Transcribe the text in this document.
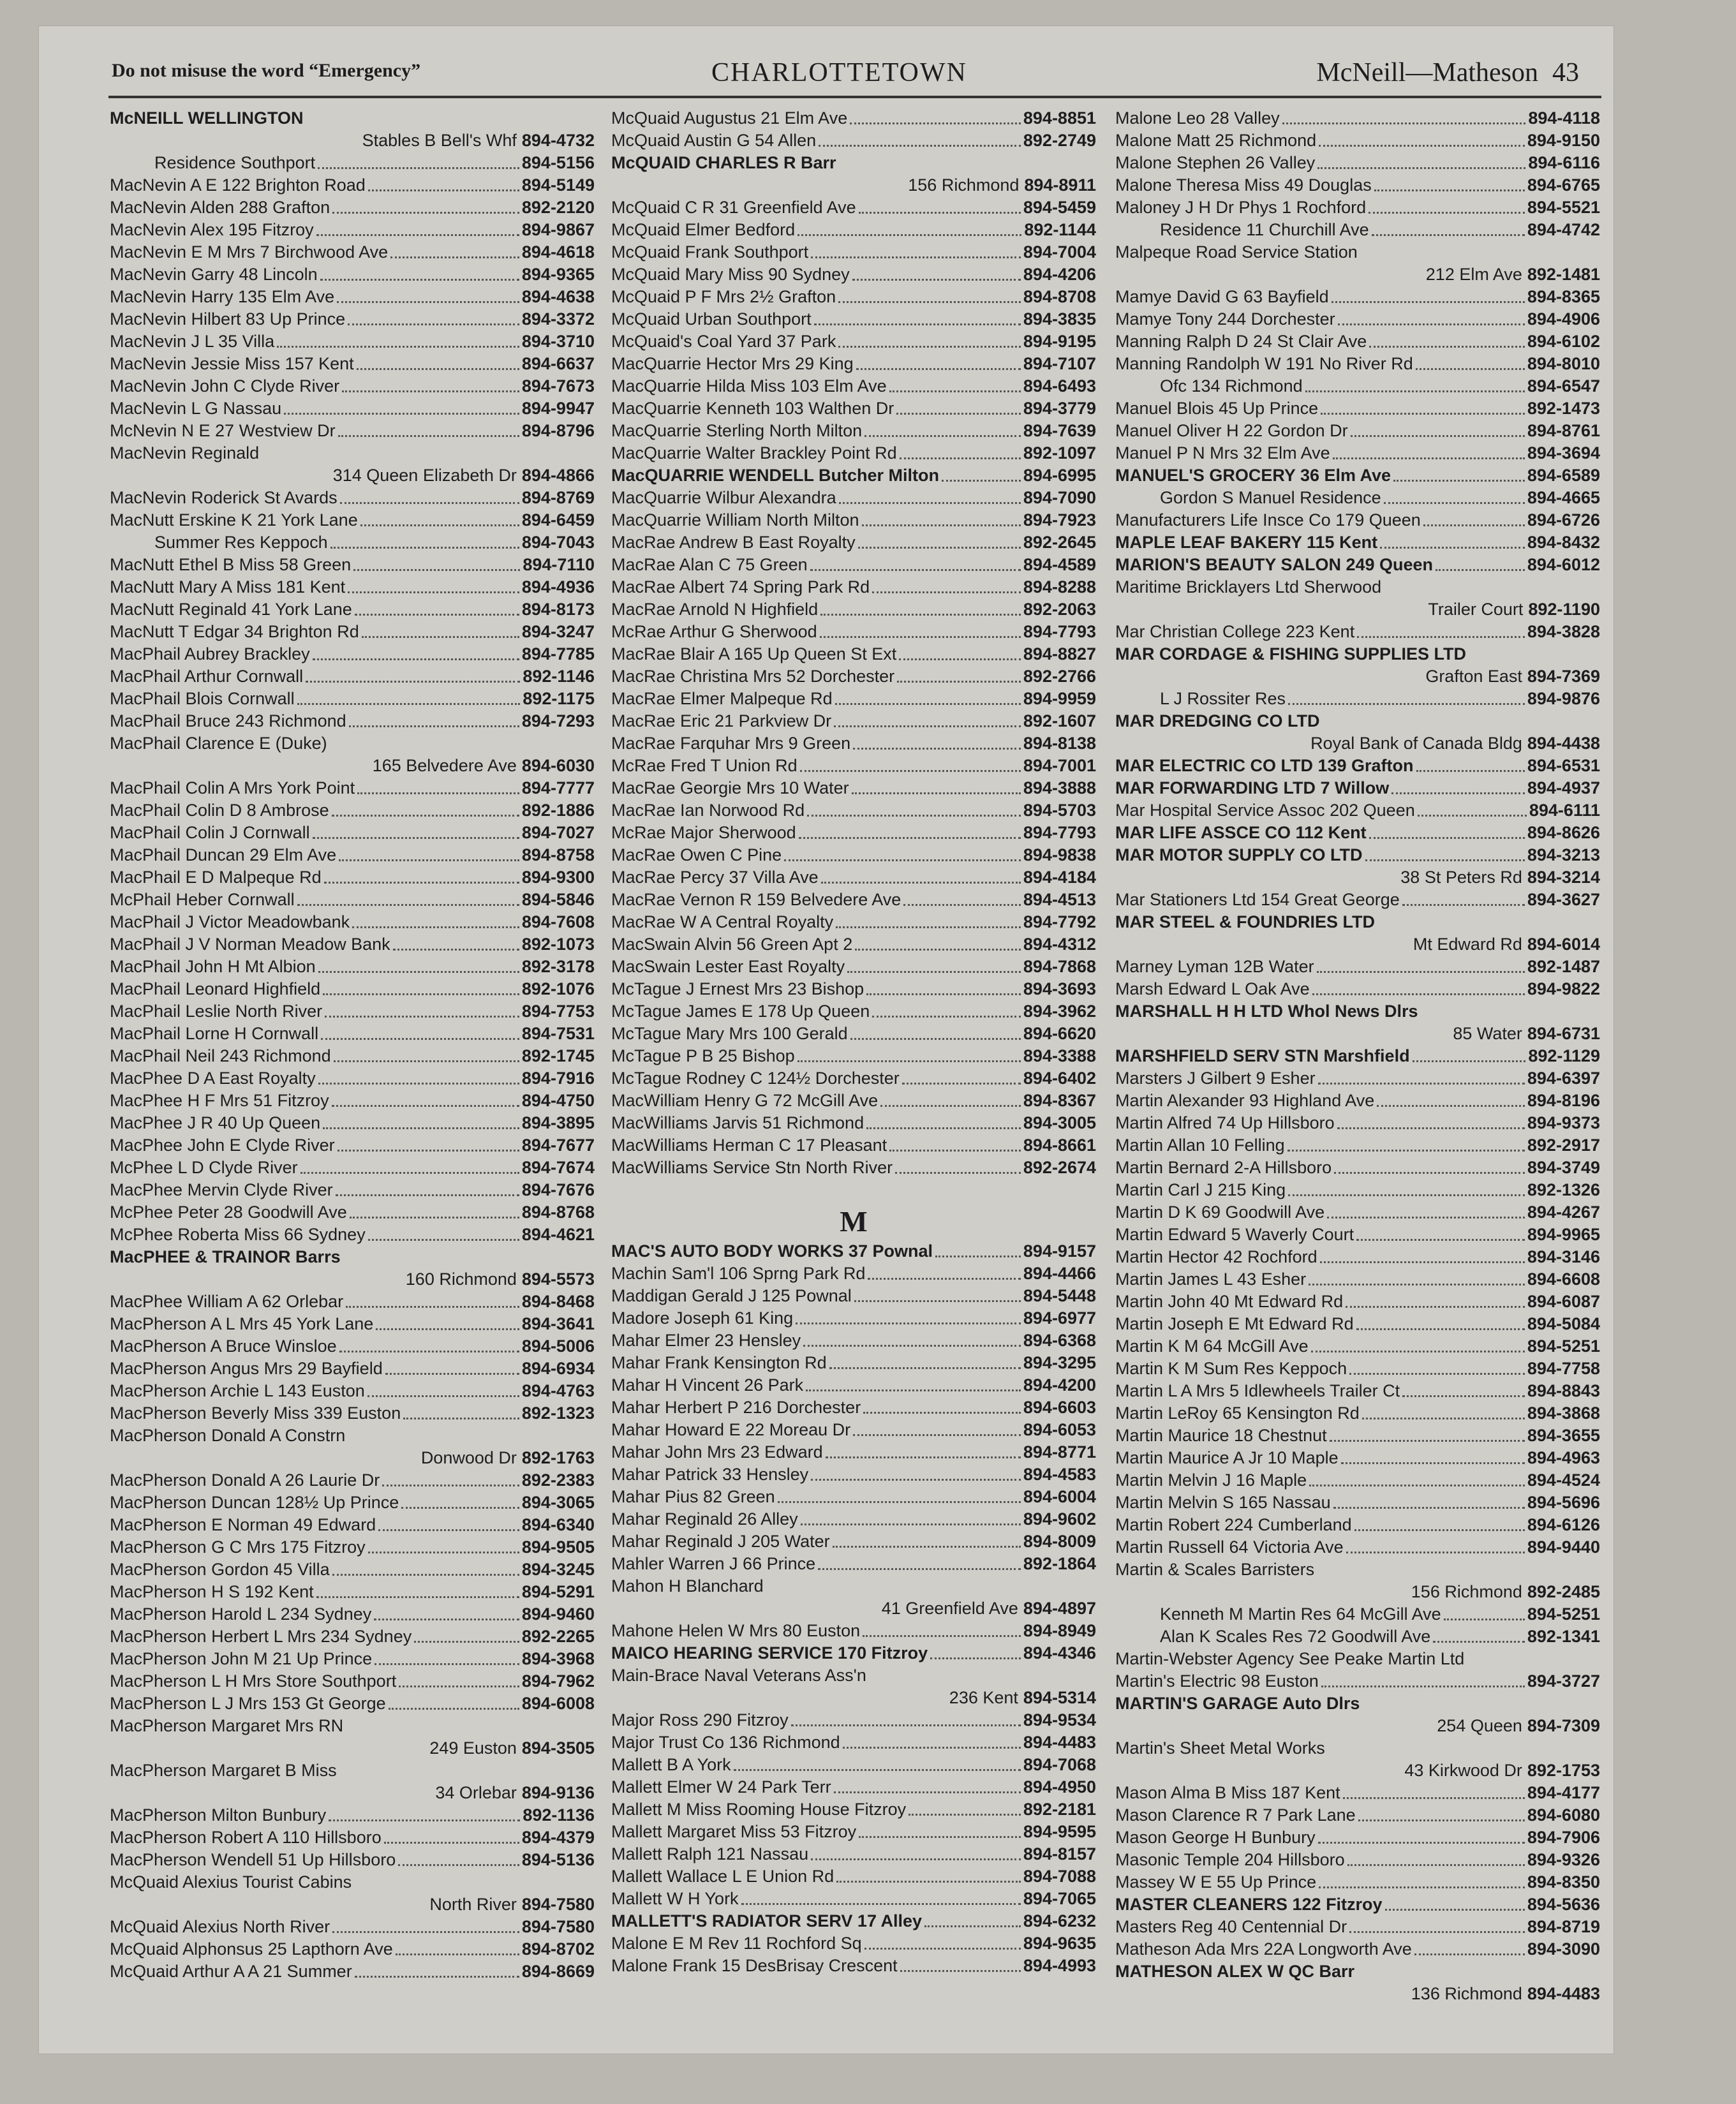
Do not misuse the word “Emergency”	CHARLOTTETOWN	McNeill—Matheson 43
McNEILL WELLINGTON
Stables B Bell's Whf 894-4732
Residence Southport	894-5156
MacNevin A E 122 Brighton Road	894-5149
MacNevin Alden 288 Grafton	892-2120
MacNevin Alex 195 Fitzroy	894-9867
MacNevin E M Mrs 7 Birchwood Ave	894-4618
MacNevin Garry 48 Lincoln	894-9365
MacNevin Harry 135 Elm Ave	894-4638
MacNevin Hilbert 83 Up Prince	894-3372
MacNevin J L 35 Villa	894-3710
MacNevin Jessie Miss 157 Kent	894-6637
MacNevin John C Clyde River	894-7673
MacNevin L G Nassau	894-9947
McNevin N E 27 Westview Dr	894-8796
MacNevin Reginald
314 Queen Elizabeth Dr 894-4866
MacNevin Roderick St Avards	894-8769
MacNutt Erskine K 21 York Lane	894-6459
Summer Res Keppoch	894-7043
MacNutt Ethel B Miss 58 Green	894-7110
MacNutt Mary A Miss 181 Kent	894-4936
MacNutt Reginald 41 York Lane	894-8173
MacNutt T Edgar 34 Brighton Rd	894-3247
MacPhail Aubrey Brackley	894-7785
MacPhail Arthur Cornwall	892-1146
MacPhail Blois Cornwall	892-1175
MacPhail Bruce 243 Richmond	894-7293
MacPhail Clarence E (Duke)
165 Belvedere Ave 894-6030
MacPhail Colin A Mrs York Point	894-7777
MacPhail Colin D 8 Ambrose	892-1886
MacPhail Colin J Cornwall	894-7027
MacPhail Duncan 29 Elm Ave	894-8758
MacPhail E D Malpeque Rd	894-9300
McPhail Heber Cornwall	894-5846
MacPhail J Victor Meadowbank	894-7608
MacPhail J V Norman Meadow Bank	892-1073
MacPhail John H Mt Albion	892-3178
MacPhail Leonard Highfield	892-1076
MacPhail Leslie North River	894-7753
MacPhail Lorne H Cornwall	894-7531
MacPhail Neil 243 Richmond	892-1745
MacPhee D A East Royalty	894-7916
MacPhee H F Mrs 51 Fitzroy	894-4750
MacPhee J R 40 Up Queen	894-3895
MacPhee John E Clyde River	894-7677
McPhee L D Clyde River	894-7674
MacPhee Mervin Clyde River	894-7676
McPhee Peter 28 Goodwill Ave	894-8768
McPhee Roberta Miss 66 Sydney	894-4621
MacPHEE & TRAINOR Barrs
160 Richmond 894-5573
MacPhee William A 62 Orlebar	894-8468
MacPherson A L Mrs 45 York Lane	894-3641
MacPherson A Bruce Winsloe	894-5006
MacPherson Angus Mrs 29 Bayfield	894-6934
MacPherson Archie L 143 Euston	894-4763
MacPherson Beverly Miss 339 Euston	892-1323
MacPherson Donald A Constrn
Donwood Dr 892-1763
MacPherson Donald A 26 Laurie Dr	892-2383
MacPherson Duncan 128½ Up Prince	894-3065
MacPherson E Norman 49 Edward	894-6340
MacPherson G C Mrs 175 Fitzroy	894-9505
MacPherson Gordon 45 Villa	894-3245
MacPherson H S 192 Kent	894-5291
MacPherson Harold L 234 Sydney	894-9460
MacPherson Herbert L Mrs 234 Sydney	892-2265
MacPherson John M 21 Up Prince	894-3968
MacPherson L H Mrs Store Southport	894-7962
MacPherson L J Mrs 153 Gt George	894-6008
MacPherson Margaret Mrs RN
249 Euston 894-3505
MacPherson Margaret B Miss
34 Orlebar 894-9136
MacPherson Milton Bunbury	892-1136
MacPherson Robert A 110 Hillsboro	894-4379
MacPherson Wendell 51 Up Hillsboro	894-5136
McQuaid Alexius Tourist Cabins
North River 894-7580
McQuaid Alexius North River	894-7580
McQuaid Alphonsus 25 Lapthorn Ave	894-8702
McQuaid Arthur A A 21 Summer	894-8669
McQuaid Augustus 21 Elm Ave	894-8851
McQuaid Austin G 54 Allen	892-2749
McQUAID CHARLES R Barr
156 Richmond 894-8911
McQuaid C R 31 Greenfield Ave	894-5459
McQuaid Elmer Bedford	892-1144
McQuaid Frank Southport	894-7004
McQuaid Mary Miss 90 Sydney	894-4206
McQuaid P F Mrs 2½ Grafton	894-8708
McQuaid Urban Southport	894-3835
McQuaid's Coal Yard 37 Park	894-9195
MacQuarrie Hector Mrs 29 King	894-7107
MacQuarrie Hilda Miss 103 Elm Ave	894-6493
MacQuarrie Kenneth 103 Walthen Dr	894-3779
MacQuarrie Sterling North Milton	894-7639
MacQuarrie Walter Brackley Point Rd	892-1097
MacQUARRIE WENDELL Butcher Milton	894-6995
MacQuarrie Wilbur Alexandra	894-7090
MacQuarrie William North Milton	894-7923
MacRae Andrew B East Royalty	892-2645
MacRae Alan C 75 Green	894-4589
MacRae Albert 74 Spring Park Rd	894-8288
MacRae Arnold N Highfield	892-2063
McRae Arthur G Sherwood	894-7793
MacRae Blair A 165 Up Queen St Ext	894-8827
MacRae Christina Mrs 52 Dorchester	892-2766
MacRae Elmer Malpeque Rd	894-9959
MacRae Eric 21 Parkview Dr	892-1607
MacRae Farquhar Mrs 9 Green	894-8138
McRae Fred T Union Rd	894-7001
MacRae Georgie Mrs 10 Water	894-3888
MacRae Ian Norwood Rd	894-5703
McRae Major Sherwood	894-7793
MacRae Owen C Pine	894-9838
MacRae Percy 37 Villa Ave	894-4184
MacRae Vernon R 159 Belvedere Ave	894-4513
MacRae W A Central Royalty	894-7792
MacSwain Alvin 56 Green Apt 2	894-4312
MacSwain Lester East Royalty	894-7868
McTague J Ernest Mrs 23 Bishop	894-3693
McTague James E 178 Up Queen	894-3962
McTague Mary Mrs 100 Gerald	894-6620
McTague P B 25 Bishop	894-3388
McTague Rodney C 124½ Dorchester	894-6402
MacWilliam Henry G 72 McGill Ave	894-8367
MacWilliams Jarvis 51 Richmond	894-3005
MacWilliams Herman C 17 Pleasant	894-8661
MacWilliams Service Stn North River	892-2674
M
MAC'S AUTO BODY WORKS 37 Pownal	894-9157
Machin Sam'l 106 Sprng Park Rd	894-4466
Maddigan Gerald J 125 Pownal	894-5448
Madore Joseph 61 King	894-6977
Mahar Elmer 23 Hensley	894-6368
Mahar Frank Kensington Rd	894-3295
Mahar H Vincent 26 Park	894-4200
Mahar Herbert P 216 Dorchester	894-6603
Mahar Howard E 22 Moreau Dr	894-6053
Mahar John Mrs 23 Edward	894-8771
Mahar Patrick 33 Hensley	894-4583
Mahar Pius 82 Green	894-6004
Mahar Reginald 26 Alley	894-9602
Mahar Reginald J 205 Water	894-8009
Mahler Warren J 66 Prince	892-1864
Mahon H Blanchard
41 Greenfield Ave 894-4897
Mahone Helen W Mrs 80 Euston	894-8949
MAICO HEARING SERVICE 170 Fitzroy	894-4346
Main-Brace Naval Veterans Ass'n
236 Kent 894-5314
Major Ross 290 Fitzroy	894-9534
Major Trust Co 136 Richmond	894-4483
Mallett B A York	894-7068
Mallett Elmer W 24 Park Terr	894-4950
Mallett M Miss Rooming House Fitzroy	892-2181
Mallett Margaret Miss 53 Fitzroy	894-9595
Mallett Ralph 121 Nassau	894-8157
Mallett Wallace L E Union Rd	894-7088
Mallett W H York	894-7065
MALLETT'S RADIATOR SERV 17 Alley	894-6232
Malone E M Rev 11 Rochford Sq	894-9635
Malone Frank 15 DesBrisay Crescent	894-4993
Malone Leo 28 Valley	894-4118
Malone Matt 25 Richmond	894-9150
Malone Stephen 26 Valley	894-6116
Malone Theresa Miss 49 Douglas	894-6765
Maloney J H Dr Phys 1 Rochford	894-5521
Residence 11 Churchill Ave	894-4742
Malpeque Road Service Station
212 Elm Ave 892-1481
Mamye David G 63 Bayfield	894-8365
Mamye Tony 244 Dorchester	894-4906
Manning Ralph D 24 St Clair Ave	894-6102
Manning Randolph W 191 No River Rd	894-8010
Ofc 134 Richmond	894-6547
Manuel Blois 45 Up Prince	892-1473
Manuel Oliver H 22 Gordon Dr	894-8761
Manuel P N Mrs 32 Elm Ave	894-3694
MANUEL'S GROCERY 36 Elm Ave	894-6589
Gordon S Manuel Residence	894-4665
Manufacturers Life Insce Co 179 Queen	894-6726
MAPLE LEAF BAKERY 115 Kent	894-8432
MARION'S BEAUTY SALON 249 Queen	894-6012
Maritime Bricklayers Ltd Sherwood
Trailer Court 892-1190
Mar Christian College 223 Kent	894-3828
MAR CORDAGE & FISHING SUPPLIES LTD
Grafton East 894-7369
L J Rossiter Res	894-9876
MAR DREDGING CO LTD
Royal Bank of Canada Bldg 894-4438
MAR ELECTRIC CO LTD 139 Grafton	894-6531
MAR FORWARDING LTD 7 Willow	894-4937
Mar Hospital Service Assoc 202 Queen	894-6111
MAR LIFE ASSCE CO 112 Kent	894-8626
MAR MOTOR SUPPLY CO LTD	894-3213
38 St Peters Rd 894-3214
Mar Stationers Ltd 154 Great George	894-3627
MAR STEEL & FOUNDRIES LTD
Mt Edward Rd 894-6014
Marney Lyman 12B Water	892-1487
Marsh Edward L Oak Ave	894-9822
MARSHALL H H LTD Whol News Dlrs
85 Water 894-6731
MARSHFIELD SERV STN Marshfield	892-1129
Marsters J Gilbert 9 Esher	894-6397
Martin Alexander 93 Highland Ave	894-8196
Martin Alfred 74 Up Hillsboro	894-9373
Martin Allan 10 Felling	892-2917
Martin Bernard 2-A Hillsboro	894-3749
Martin Carl J 215 King	892-1326
Martin D K 69 Goodwill Ave	894-4267
Martin Edward 5 Waverly Court	894-9965
Martin Hector 42 Rochford	894-3146
Martin James L 43 Esher	894-6608
Martin John 40 Mt Edward Rd	894-6087
Martin Joseph E Mt Edward Rd	894-5084
Martin K M 64 McGill Ave	894-5251
Martin K M Sum Res Keppoch	894-7758
Martin L A Mrs 5 Idlewheels Trailer Ct	894-8843
Martin LeRoy 65 Kensington Rd	894-3868
Martin Maurice 18 Chestnut	894-3655
Martin Maurice A Jr 10 Maple	894-4963
Martin Melvin J 16 Maple	894-4524
Martin Melvin S 165 Nassau	894-5696
Martin Robert 224 Cumberland	894-6126
Martin Russell 64 Victoria Ave	894-9440
Martin & Scales Barristers
156 Richmond 892-2485
Kenneth M Martin Res 64 McGill Ave	894-5251
Alan K Scales Res 72 Goodwill Ave	892-1341
Martin-Webster Agency See Peake Martin Ltd
Martin's Electric 98 Euston	894-3727
MARTIN'S GARAGE Auto Dlrs
254 Queen 894-7309
Martin's Sheet Metal Works
43 Kirkwood Dr 892-1753
Mason Alma B Miss 187 Kent	894-4177
Mason Clarence R 7 Park Lane	894-6080
Mason George H Bunbury	894-7906
Masonic Temple 204 Hillsboro	894-9326
Massey W E 55 Up Prince	894-8350
MASTER CLEANERS 122 Fitzroy	894-5636
Masters Reg 40 Centennial Dr	894-8719
Matheson Ada Mrs 22A Longworth Ave	894-3090
MATHESON ALEX W QC Barr
136 Richmond 894-4483
